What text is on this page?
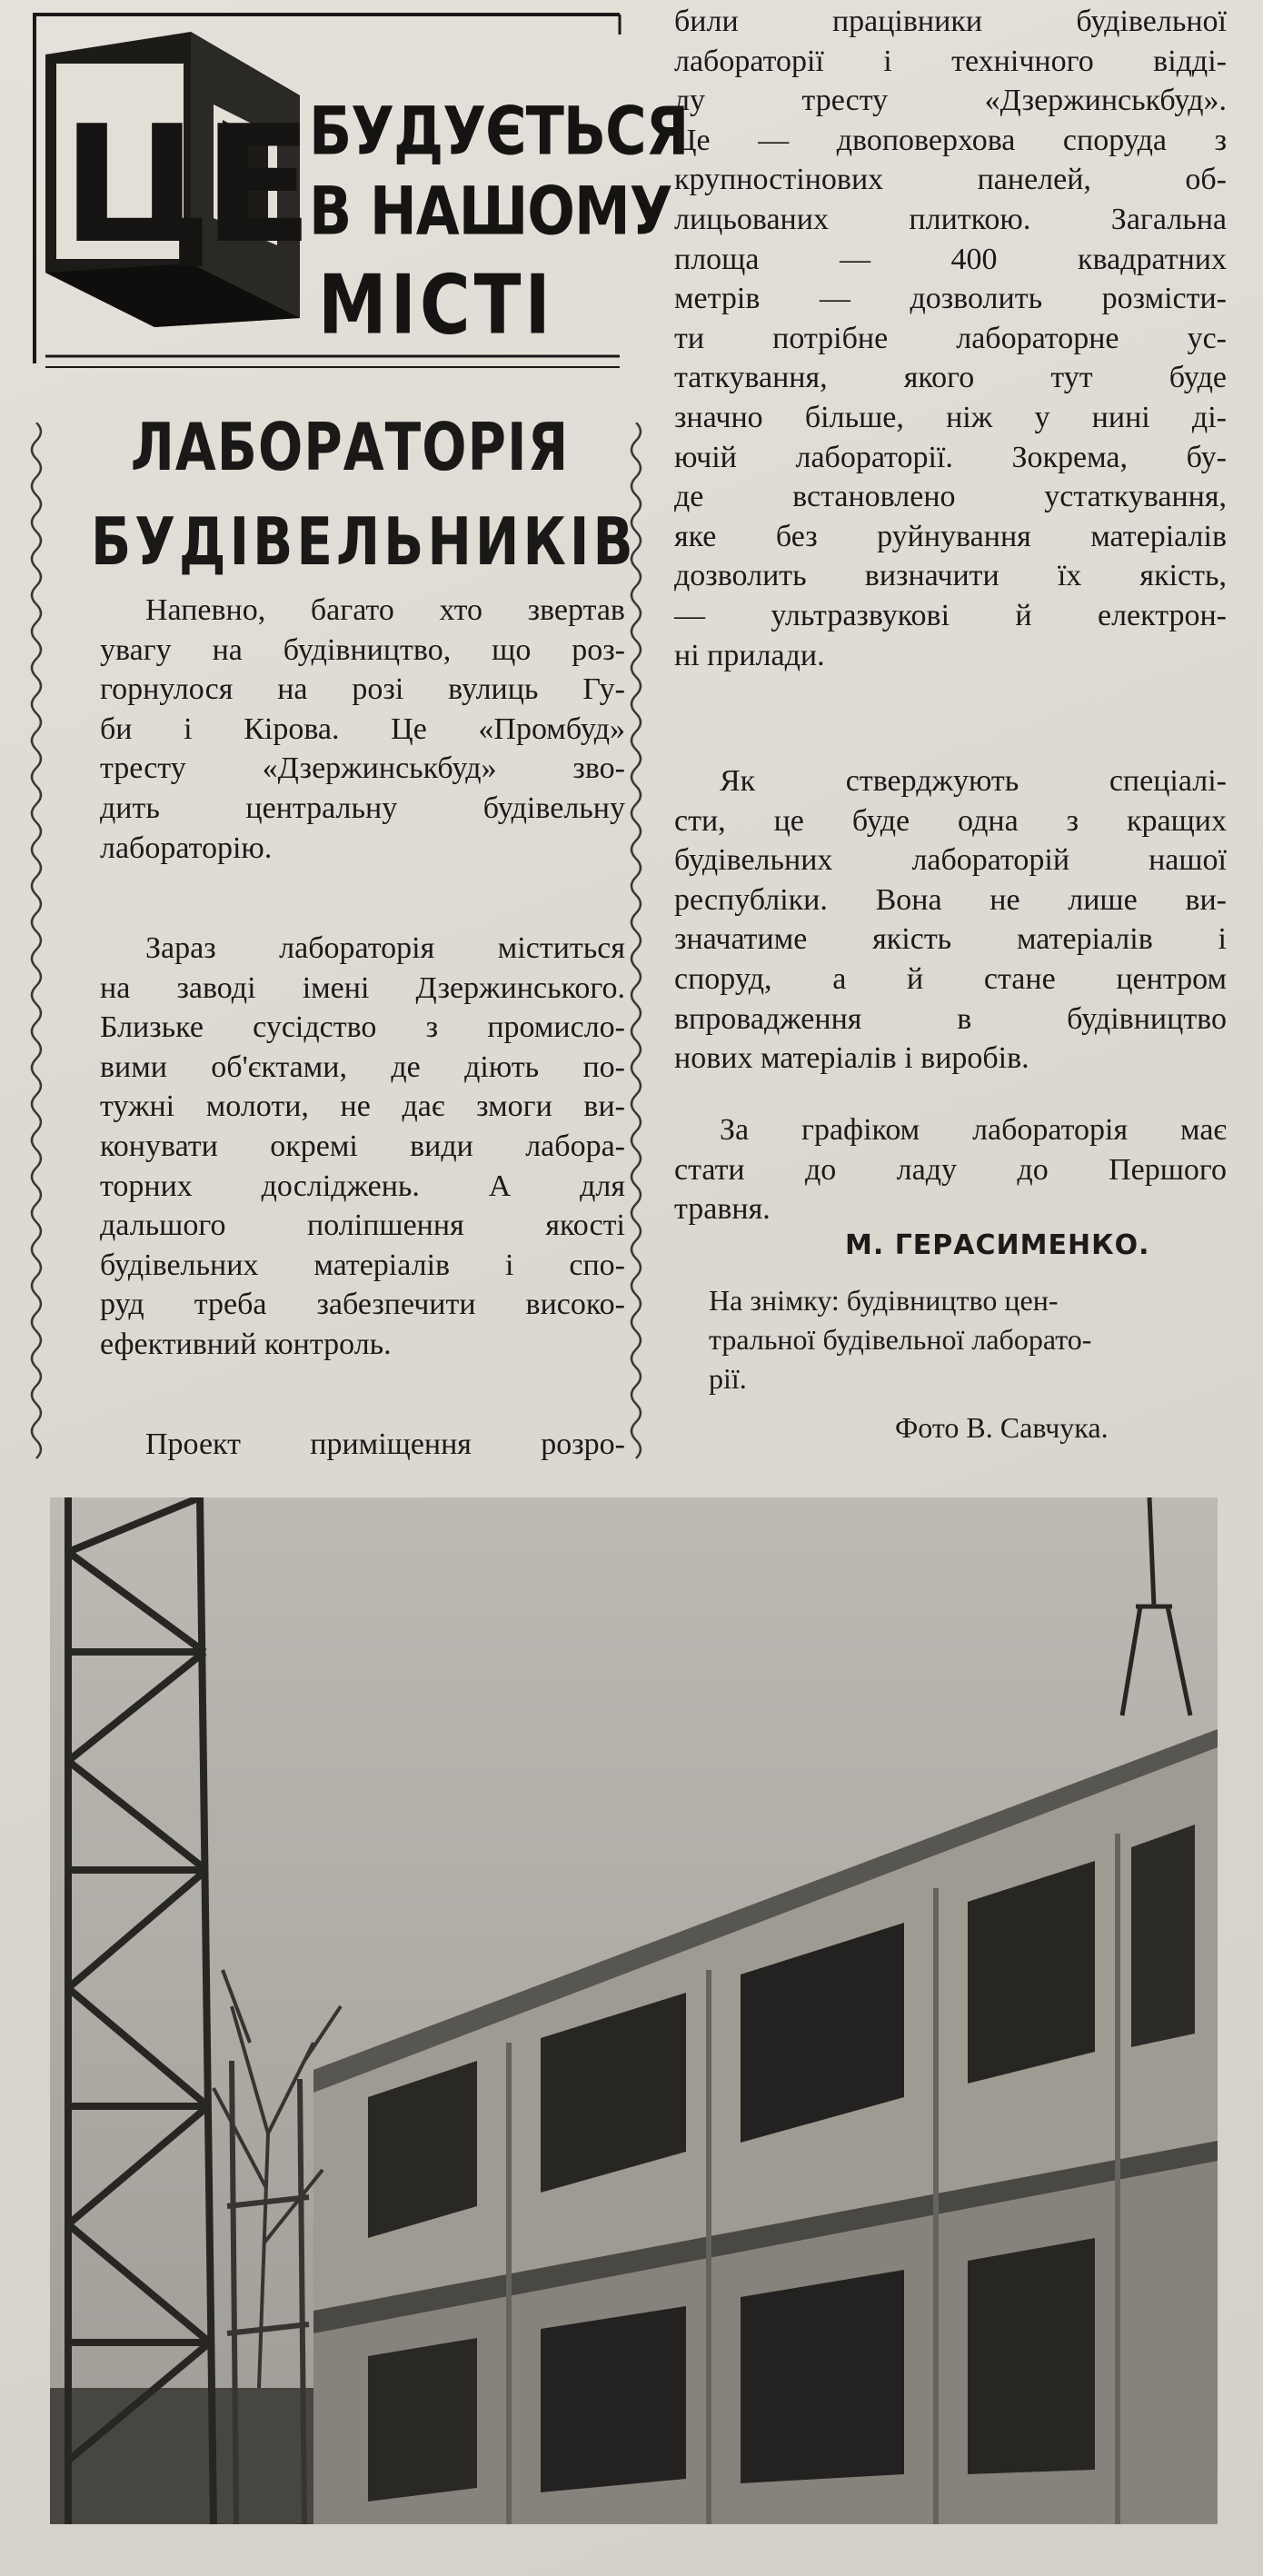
ЦЕ БУДУЄТЬСЯ
В НАШОМУ
МІСТІ
ЛАБОРАТОРІЯ
БУДІВЕЛЬНИКІВ
Напевно, багато хто звертав
увагу на будівництво, що роз-
горнулося на розі вулиць Гу-
би і Кірова. Це «Промбуд»
тресту «Дзержинськбуд» зво-
дить центральну будівельну
лабораторію.
Зараз лабораторія міститься
на заводі імені Дзержинського.
Близьке сусідство з промисло-
вими об'єктами, де діють по-
тужні молоти, не дає змоги ви-
конувати окремі види лабора-
торних досліджень. А для
дальшого поліпшення якості
будівельних матеріалів і спо-
руд треба забезпечити високо-
ефективний контроль.
Проект приміщення розро-
били працівники будівельної
лабораторії і технічного відді-
лу тресту «Дзержинськбуд».
Це — двоповерхова споруда з
крупностінових панелей, об-
лицьованих плиткою. Загальна
площа — 400 квадратних
метрів — дозволить розмісти-
ти потрібне лабораторне ус-
таткування, якого тут буде
значно більше, ніж у нині ді-
ючій лабораторії. Зокрема, бу-
де встановлено устаткування,
яке без руйнування матеріалів
дозволить визначити їх якість,
— ультразвукові й електрон-
ні прилади.
Як стверджують спеціалі-
сти, це буде одна з кращих
будівельних лабораторій нашої
республіки. Вона не лише ви-
значатиме якість матеріалів і
споруд, а й стане центром
впровадження в будівництво
нових матеріалів і виробів.
За графіком лабораторія має
стати до ладу до Першого
травня.
М. ГЕРАСИМЕНКО.
На знімку: будівництво цен-
тральної будівельної лаборато-
рії.
Фото В. Савчука.
